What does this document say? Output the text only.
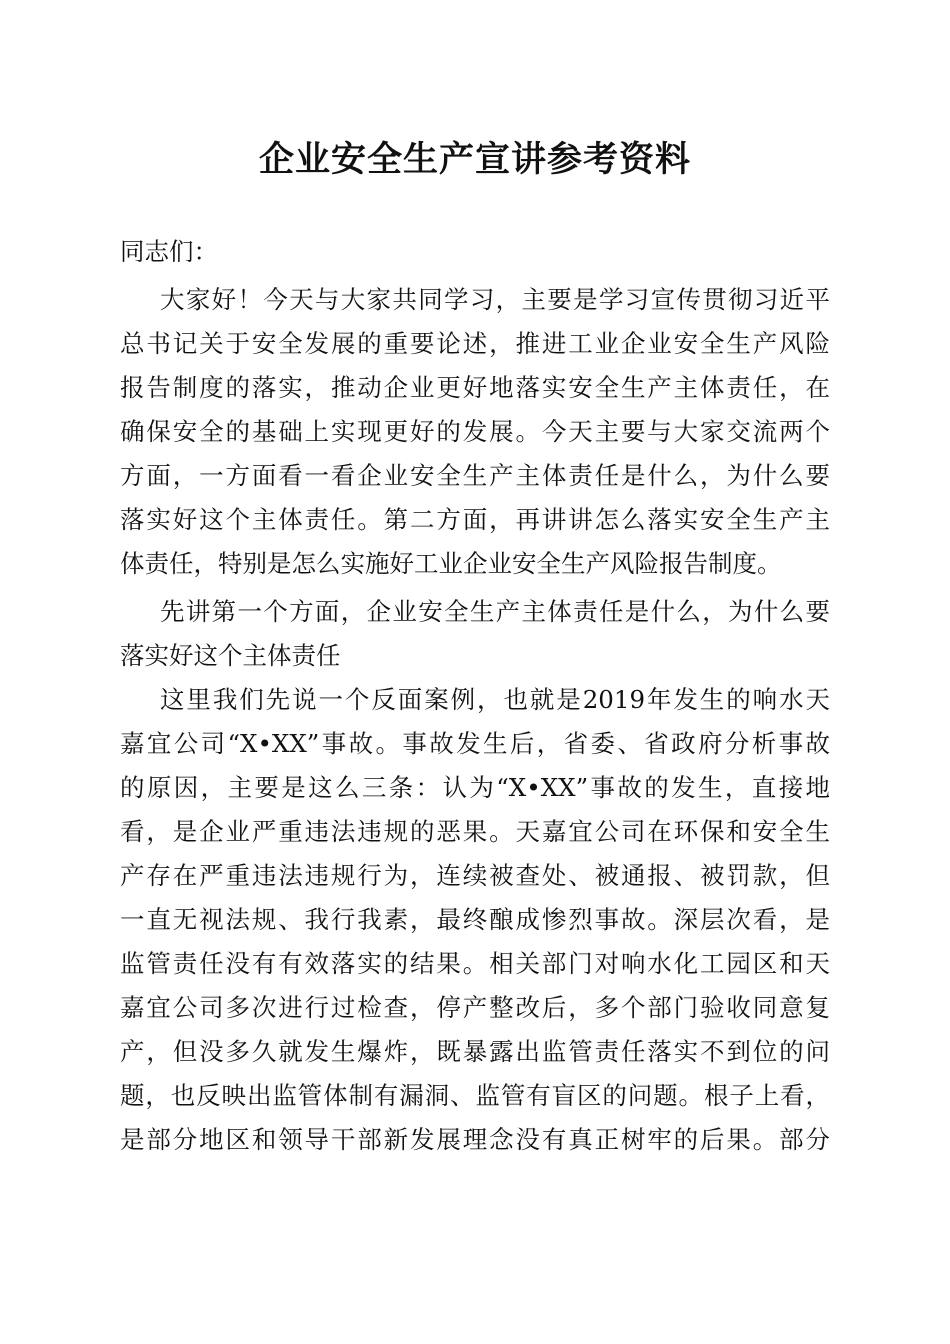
企业安全生产宣讲参考资料

同志们：

大家好！今天与大家共同学习，主要是学习宣传贯彻习近平

总书记关于安全发展的重要论述，推进工业企业安全生产风险

报告制度的落实，推动企业更好地落实安全生产主体责任，在

确保安全的基础上实现更好的发展。今天主要与大家交流两个

方面，一方面看一看企业安全生产主体责任是什么，为什么要

落实好这个主体责任。第二方面，再讲讲怎么落实安全生产主

体责任，特别是怎么实施好工业企业安全生产风险报告制度。

先讲第一个方面，企业安全生产主体责任是什么，为什么要

落实好这个主体责任

这里我们先说一个反面案例，也就是2019年发生的响水天

嘉宜公司“X•XX”事故。事故发生后，省委、省政府分析事故

的原因，主要是这么三条：认为“X•XX”事故的发生，直接地

看，是企业严重违法违规的恶果。天嘉宜公司在环保和安全生

产存在严重违法违规行为，连续被查处、被通报、被罚款，但

一直无视法规、我行我素，最终酿成惨烈事故。深层次看，是

监管责任没有有效落实的结果。相关部门对响水化工园区和天

嘉宜公司多次进行过检查，停产整改后，多个部门验收同意复

产，但没多久就发生爆炸，既暴露出监管责任落实不到位的问

题，也反映出监管体制有漏洞、监管有盲区的问题。根子上看，

是部分地区和领导干部新发展理念没有真正树牢的后果。部分
